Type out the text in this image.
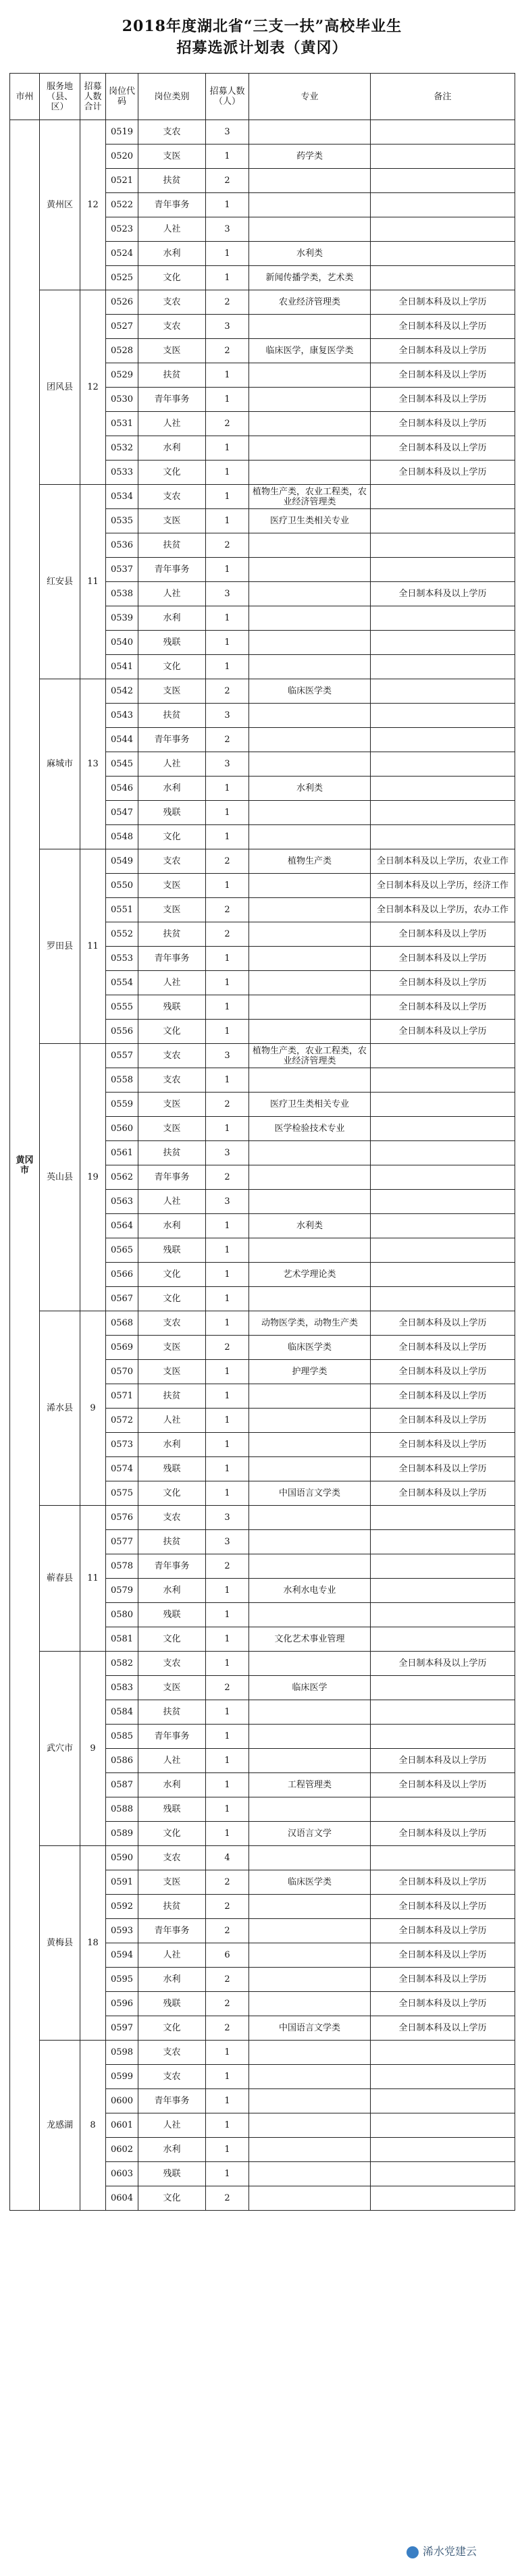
2018年度湖北省“三支一扶”高校毕业生
招募选派计划表（黄冈）
市州	服务地（县、区）	招募人数合计	岗位代码	岗位类别	招募人数（人）	专业	备注
黄冈市	黄州区	12	0519	支农	3		
			0520	支医	1	药学类	
			0521	扶贫	2		
			0522	青年事务	1		
			0523	人社	3		
			0524	水利	1	水利类	
			0525	文化	1	新闻传播学类，艺术类	
	团风县	12	0526	支农	2	农业经济管理类	全日制本科及以上学历
			0527	支农	3		全日制本科及以上学历
			0528	支医	2	临床医学，康复医学类	全日制本科及以上学历
			0529	扶贫	1		全日制本科及以上学历
			0530	青年事务	1		全日制本科及以上学历
			0531	人社	2		全日制本科及以上学历
			0532	水利	1		全日制本科及以上学历
			0533	文化	1		全日制本科及以上学历
	红安县	11	0534	支农	1	植物生产类，农业工程类，农业经济管理类	
			0535	支医	1	医疗卫生类相关专业	
			0536	扶贫	2		
			0537	青年事务	1		
			0538	人社	3		全日制本科及以上学历
			0539	水利	1		
			0540	残联	1		
			0541	文化	1		
	麻城市	13	0542	支医	2	临床医学类	
			0543	扶贫	3		
			0544	青年事务	2		
			0545	人社	3		
			0546	水利	1	水利类	
			0547	残联	1		
			0548	文化	1		
	罗田县	11	0549	支农	2	植物生产类	全日制本科及以上学历，农业工作
			0550	支医	1		全日制本科及以上学历，经济工作
			0551	支医	2		全日制本科及以上学历，农办工作
			0552	扶贫	2		全日制本科及以上学历
			0553	青年事务	1		全日制本科及以上学历
			0554	人社	1		全日制本科及以上学历
			0555	残联	1		全日制本科及以上学历
			0556	文化	1		全日制本科及以上学历
	英山县	19	0557	支农	3	植物生产类，农业工程类，农业经济管理类	
			0558	支农	1		
			0559	支医	2	医疗卫生类相关专业	
			0560	支医	1	医学检验技术专业	
			0561	扶贫	3		
			0562	青年事务	2		
			0563	人社	3		
			0564	水利	1	水利类	
			0565	残联	1		
			0566	文化	1	艺术学理论类	
			0567	文化	1		
	浠水县	9	0568	支农	1	动物医学类，动物生产类	全日制本科及以上学历
			0569	支医	2	临床医学类	全日制本科及以上学历
			0570	支医	1	护理学类	全日制本科及以上学历
			0571	扶贫	1		全日制本科及以上学历
			0572	人社	1		全日制本科及以上学历
			0573	水利	1		全日制本科及以上学历
			0574	残联	1		全日制本科及以上学历
			0575	文化	1	中国语言文学类	全日制本科及以上学历
	蕲春县	11	0576	支农	3		
			0577	扶贫	3		
			0578	青年事务	2		
			0579	水利	1	水利水电专业	
			0580	残联	1		
			0581	文化	1	文化艺术事业管理	
	武穴市	9	0582	支农	1		全日制本科及以上学历
			0583	支医	2	临床医学	
			0584	扶贫	1		
			0585	青年事务	1		
			0586	人社	1		全日制本科及以上学历
			0587	水利	1	工程管理类	全日制本科及以上学历
			0588	残联	1		
			0589	文化	1	汉语言文学	全日制本科及以上学历
	黄梅县	18	0590	支农	4		
			0591	支医	2	临床医学类	全日制本科及以上学历
			0592	扶贫	2		全日制本科及以上学历
			0593	青年事务	2		全日制本科及以上学历
			0594	人社	6		全日制本科及以上学历
			0595	水利	2		全日制本科及以上学历
			0596	残联	2		全日制本科及以上学历
			0597	文化	2	中国语言文学类	全日制本科及以上学历
	龙感湖	8	0598	支农	1		
			0599	支农	1		
			0600	青年事务	1		
			0601	人社	1		
			0602	水利	1		
			0603	残联	1		
			0604	文化	2		
浠水党建云
